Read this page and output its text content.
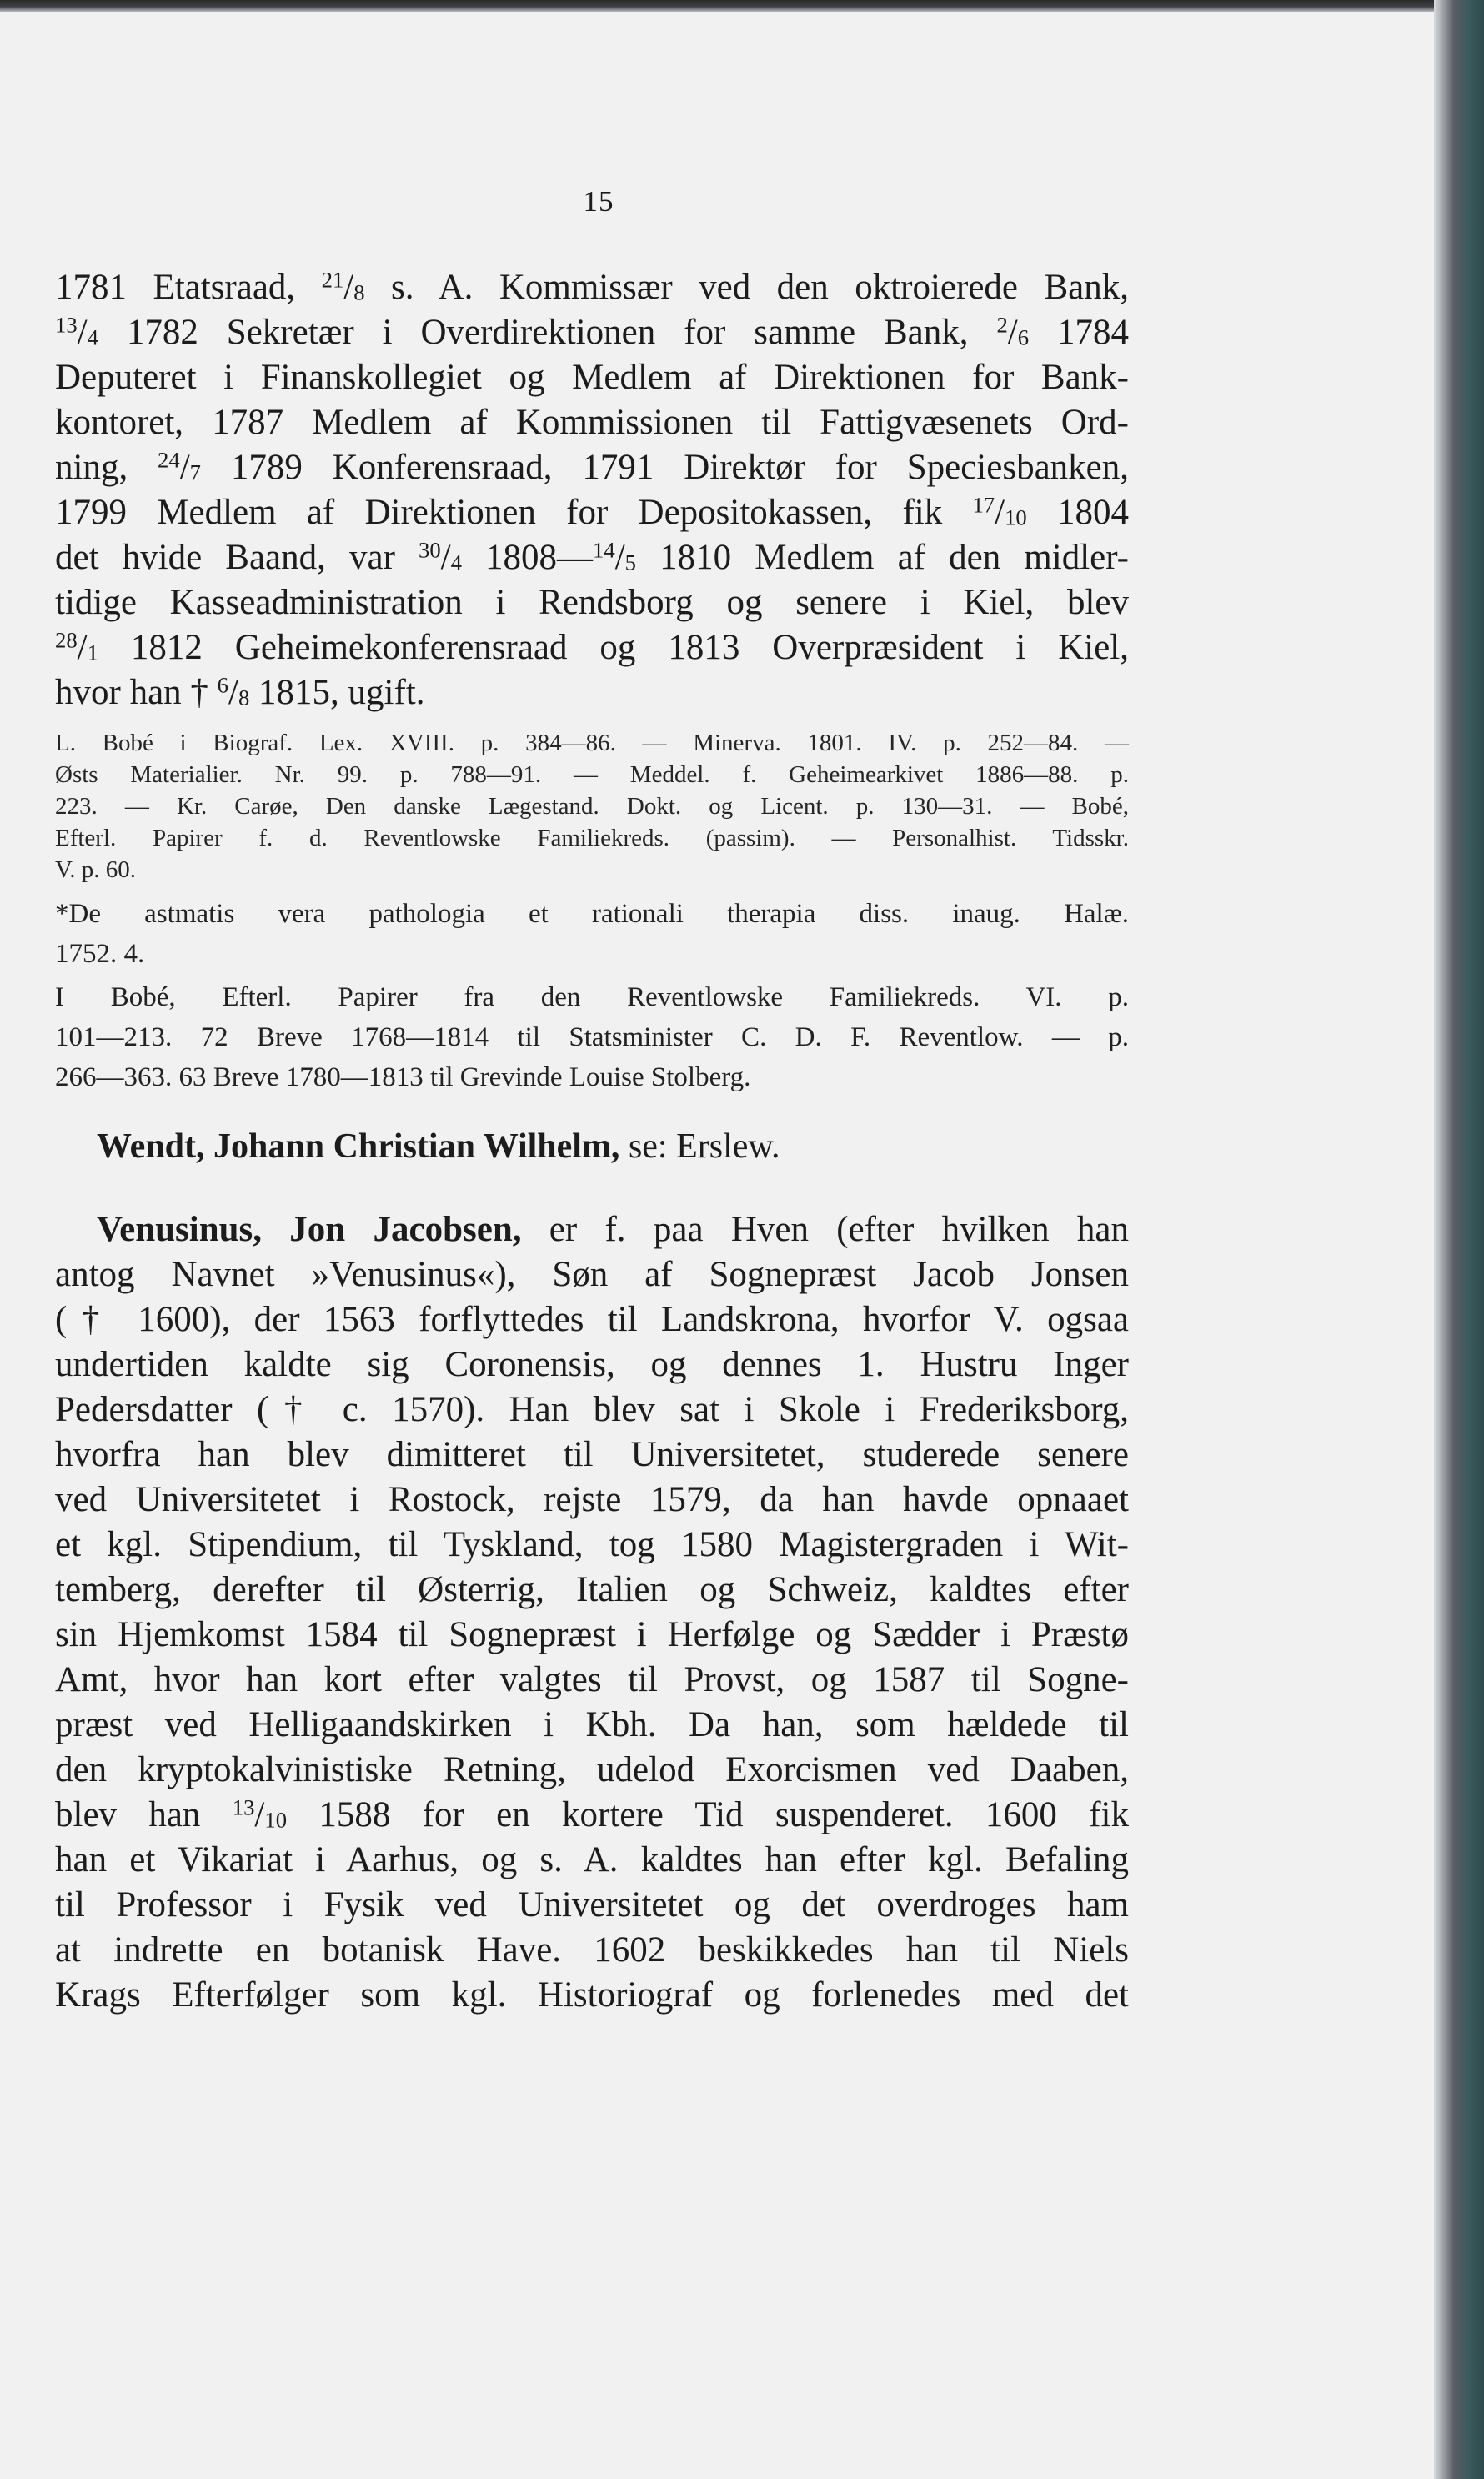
15
1781 Etatsraad, $^{21}/_8$ s. A. Kommissær ved den oktroierede Bank,
$^{13}/_4$ 1782 Sekretær i Overdirektionen for samme Bank, $^2/_6$ 1784
Deputeret i Finanskollegiet og Medlem af Direktionen for Bank-
kontoret, 1787 Medlem af Kommissionen til Fattigvæsenets Ord-
ning, $^{24}/_7$ 1789 Konferensraad, 1791 Direktør for Speciesbanken,
1799 Medlem af Direktionen for Depositokassen, fik $^{17}/_{10}$ 1804
det hvide Baand, var $^{30}/_4$ $1808—^{14}/_5$ 1810 Medlem af den midler-
tidige Kasseadministration i Rendsborg og senere i Kiel, blev
$^{28}/_1$ 1812 Geheimekonferensraad og 1813 Overpræsident i Kiel,
hvor han † $^6/_8$ 1815, ugift.
L. Bobé i Biograf. Lex. XVIII. p. 384—86. — Minerva. 1801. IV. p. 252—84. —
Østs Materialier. Nr. 99. p. 788—91. — Meddel. f. Geheimearkivet 1886—88. p.
223. — Kr. Carøe, Den danske Lægestand. Dokt. og Licent. p. 130—31. — Bobé,
Efterl. Papirer f. d. Reventlowske Familiekreds. (passim). — Personalhist. Tidsskr.
V. p. 60.
*De astmatis vera pathologia et rationali therapia diss. inaug. Halæ.
1752. 4.
I Bobé, Efterl. Papirer fra den Reventlowske Familiekreds. VI. p.
101—213. 72 Breve 1768—1814 til Statsminister C. D. F. Reventlow. — p.
266—363. 63 Breve 1780—1813 til Grevinde Louise Stolberg.
Wendt, Johann Christian Wilhelm, se: Erslew.
Venusinus, Jon Jacobsen, er f. paa Hven (efter hvilken han
antog Navnet »Venusinus«), Søn af Sognepræst Jacob Jonsen
(† 1600), der 1563 forflyttedes til Landskrona, hvorfor V. ogsaa
undertiden kaldte sig Coronensis, og dennes 1. Hustru Inger
Pedersdatter († c. 1570). Han blev sat i Skole i Frederiksborg,
hvorfra han blev dimitteret til Universitetet, studerede senere
ved Universitetet i Rostock, rejste 1579, da han havde opnaaet
et kgl. Stipendium, til Tyskland, tog 1580 Magistergraden i Wit-
temberg, derefter til Østerrig, Italien og Schweiz, kaldtes efter
sin Hjemkomst 1584 til Sognepræst i Herfølge og Sædder i Præstø
Amt, hvor han kort efter valgtes til Provst, og 1587 til Sogne-
præst ved Helligaandskirken i Kbh. Da han, som hældede til
den kryptokalvinistiske Retning, udelod Exorcismen ved Daaben,
blev han $^{13}/_{10}$ 1588 for en kortere Tid suspenderet. 1600 fik
han et Vikariat i Aarhus, og s. A. kaldtes han efter kgl. Befaling
til Professor i Fysik ved Universitetet og det overdroges ham
at indrette en botanisk Have. 1602 beskikkedes han til Niels
Krags Efterfølger som kgl. Historiograf og forlenedes med det
